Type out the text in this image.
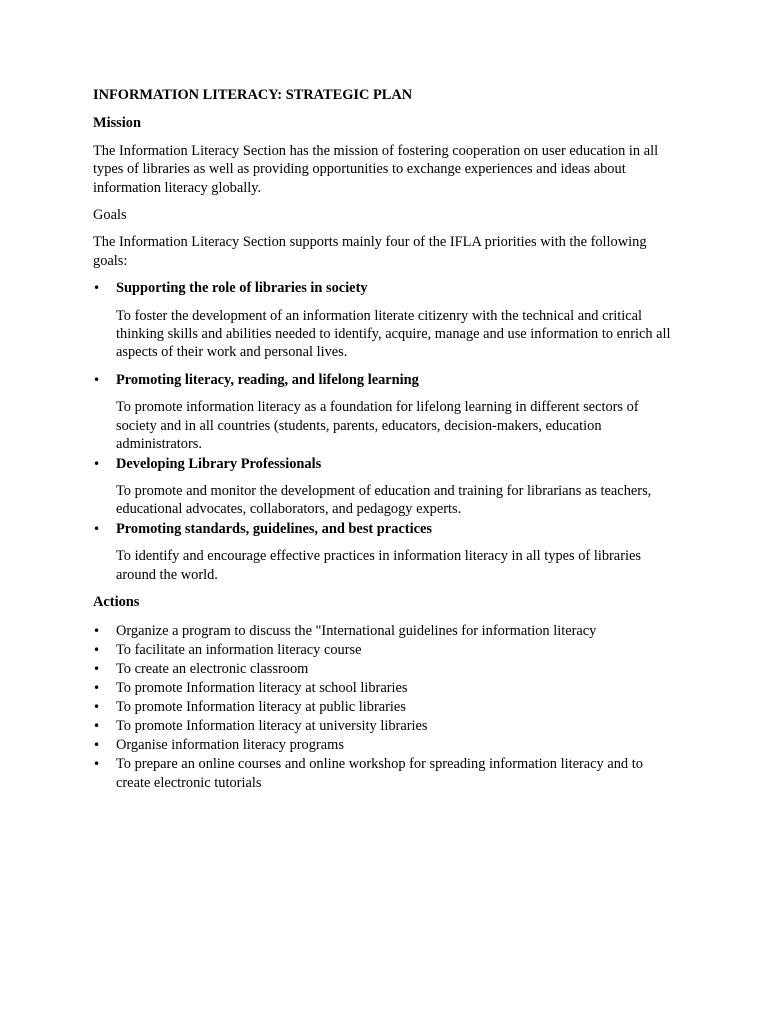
INFORMATION LITERACY: STRATEGIC PLAN

Mission

The Information Literacy Section has the mission of fostering cooperation on user education in all types of libraries as well as providing opportunities to exchange experiences and ideas about information literacy globally.

Goals

The Information Literacy Section supports mainly four of the IFLA priorities with the following goals:

•	Supporting the role of libraries in society

To foster the development of an information literate citizenry with the technical and critical thinking skills and abilities needed to identify, acquire, manage and use information to enrich all aspects of their work and personal lives.

•	Promoting literacy, reading, and lifelong learning

To promote information literacy as a foundation for lifelong learning in different sectors of society and in all countries (students, parents, educators, decision-makers, education administrators.

•	Developing Library Professionals

To promote and monitor the development of education and training for librarians as teachers, educational advocates, collaborators, and pedagogy experts.

•	Promoting standards, guidelines, and best practices

To identify and encourage effective practices in information literacy in all types of libraries around the world.

Actions

•	Organize a program to discuss the "International guidelines for information literacy
•	To facilitate an information literacy course
•	To create an electronic classroom
•	To promote Information literacy at school libraries
•	To promote Information literacy at public libraries
•	To promote Information literacy at university libraries
•	Organise information literacy programs
•	To prepare an online courses and online workshop for spreading information literacy and to create electronic tutorials
